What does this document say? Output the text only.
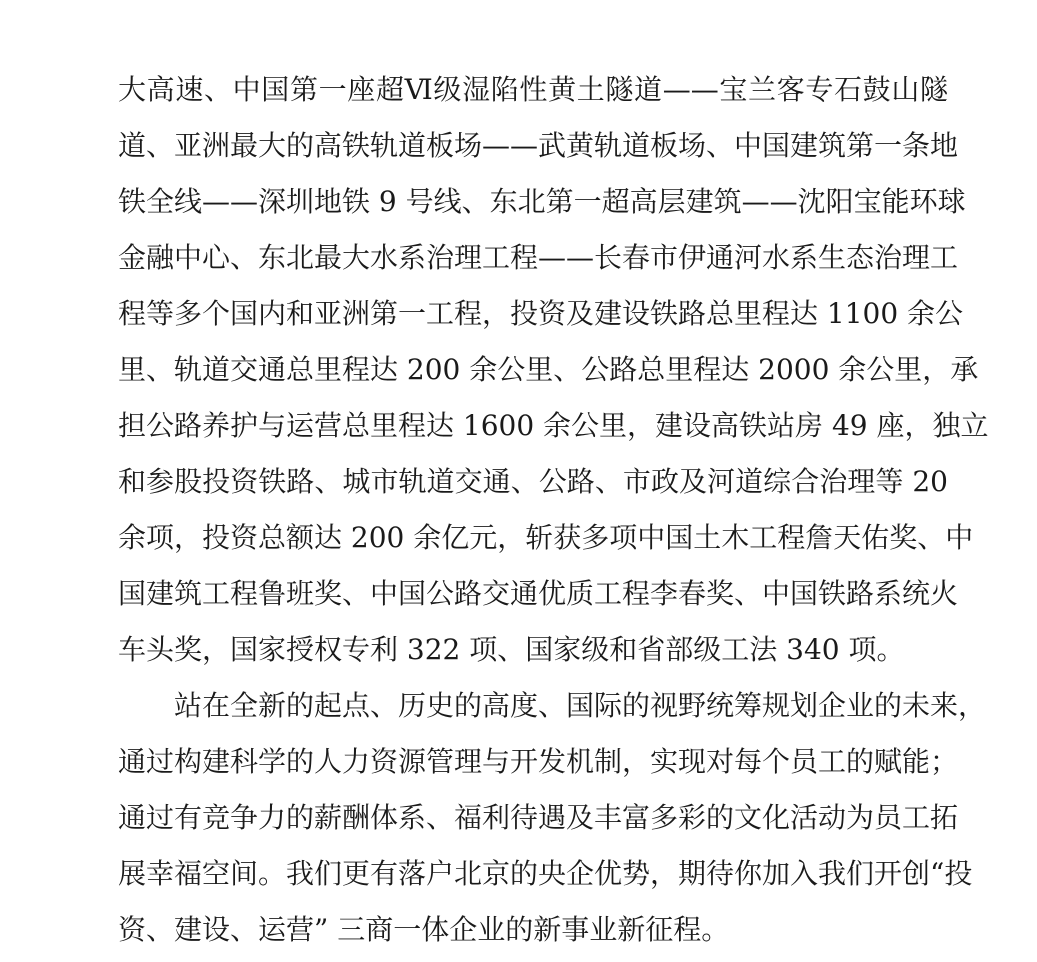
大高速、中国第一座超Ⅵ级湿陷性黄土隧道——宝兰客专石鼓山隧
道、亚洲最大的高铁轨道板场——武黄轨道板场、中国建筑第一条地
铁全线——深圳地铁 9 号线、东北第一超高层建筑——沈阳宝能环球
金融中心、东北最大水系治理工程——长春市伊通河水系生态治理工
程等多个国内和亚洲第一工程，投资及建设铁路总里程达 1100 余公
里、轨道交通总里程达 200 余公里、公路总里程达 2000 余公里，承
担公路养护与运营总里程达 1600 余公里，建设高铁站房 49 座，独立
和参股投资铁路、城市轨道交通、公路、市政及河道综合治理等 20
余项，投资总额达 200 余亿元，斩获多项中国土木工程詹天佑奖、中
国建筑工程鲁班奖、中国公路交通优质工程李春奖、中国铁路系统火
车头奖，国家授权专利 322 项、国家级和省部级工法 340 项。
站在全新的起点、历史的高度、国际的视野统筹规划企业的未来，
通过构建科学的人力资源管理与开发机制，实现对每个员工的赋能；
通过有竞争力的薪酬体系、福利待遇及丰富多彩的文化活动为员工拓
展幸福空间。我们更有落户北京的央企优势，期待你加入我们开创“投
资、建设、运营” 三商一体企业的新事业新征程。
